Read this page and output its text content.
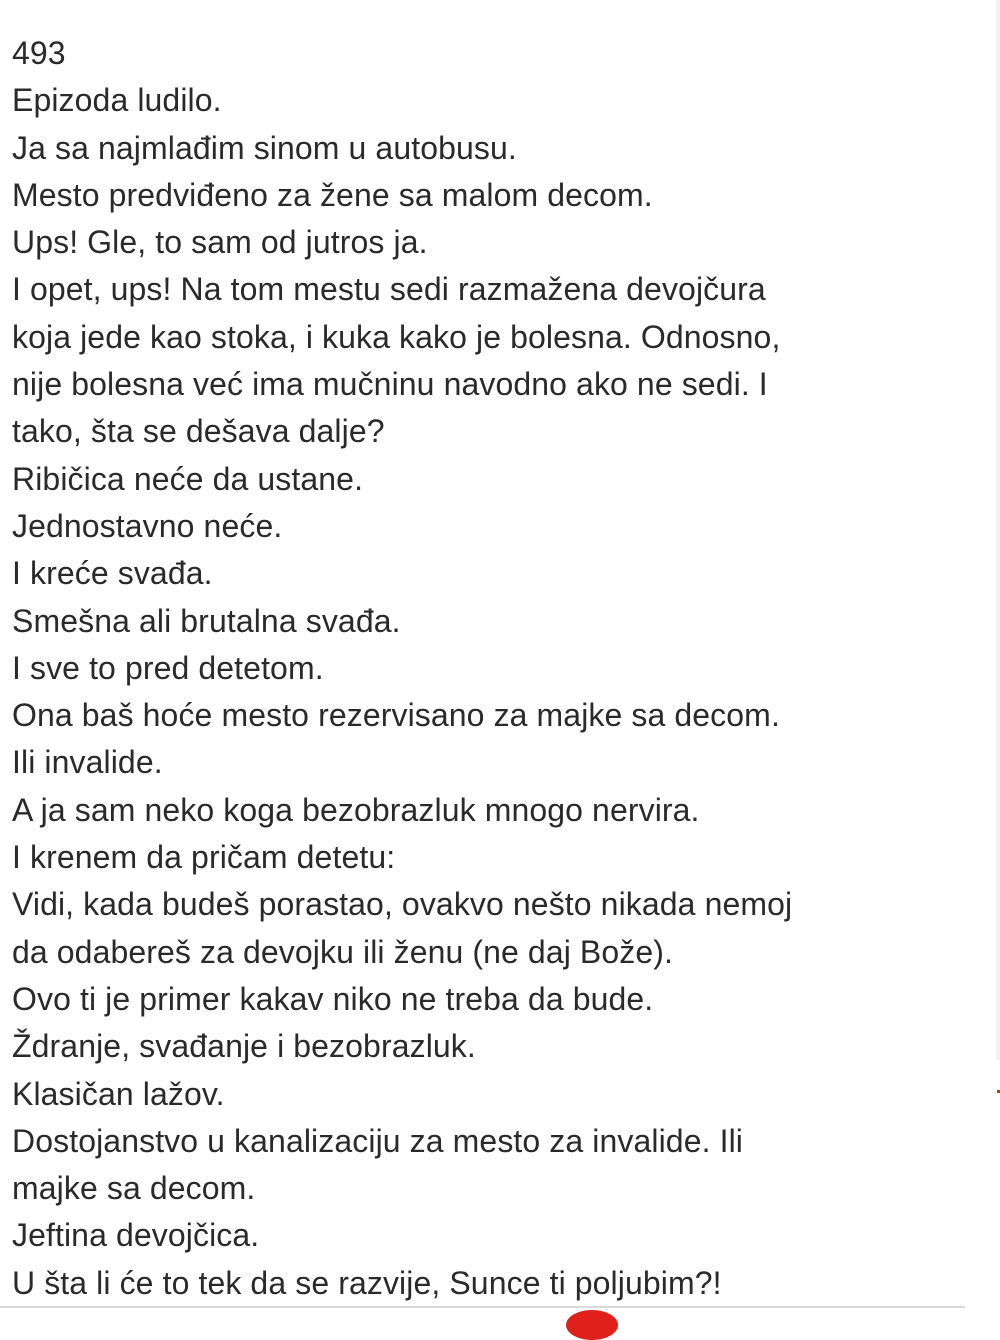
493

Epizoda ludilo.

Ja sa najmlađim sinom u autobusu.

Mesto predviđeno za žene sa malom decom.

Ups! Gle, to sam od jutros ja.

I opet, ups! Na tom mestu sedi razmažena devojčura

koja jede kao stoka, i kuka kako je bolesna. Odnosno,

nije bolesna već ima mučninu navodno ako ne sedi. I

tako, šta se dešava dalje?

Ribičica neće da ustane.

Jednostavno neće.

I kreće svađa.

Smešna ali brutalna svađa.

I sve to pred detetom.

Ona baš hoće mesto rezervisano za majke sa decom.

Ili invalide.

A ja sam neko koga bezobrazluk mnogo nervira.

I krenem da pričam detetu:

Vidi, kada budeš porastao, ovakvo nešto nikada nemoj

da odabereš za devojku ili ženu (ne daj Bože).

Ovo ti je primer kakav niko ne treba da bude.

Ždranje, svađanje i bezobrazluk.

Klasičan lažov.

Dostojanstvo u kanalizaciju za mesto za invalide. Ili

majke sa decom.

Jeftina devojčica.

U šta li će to tek da se razvije, Sunce ti poljubim?!
